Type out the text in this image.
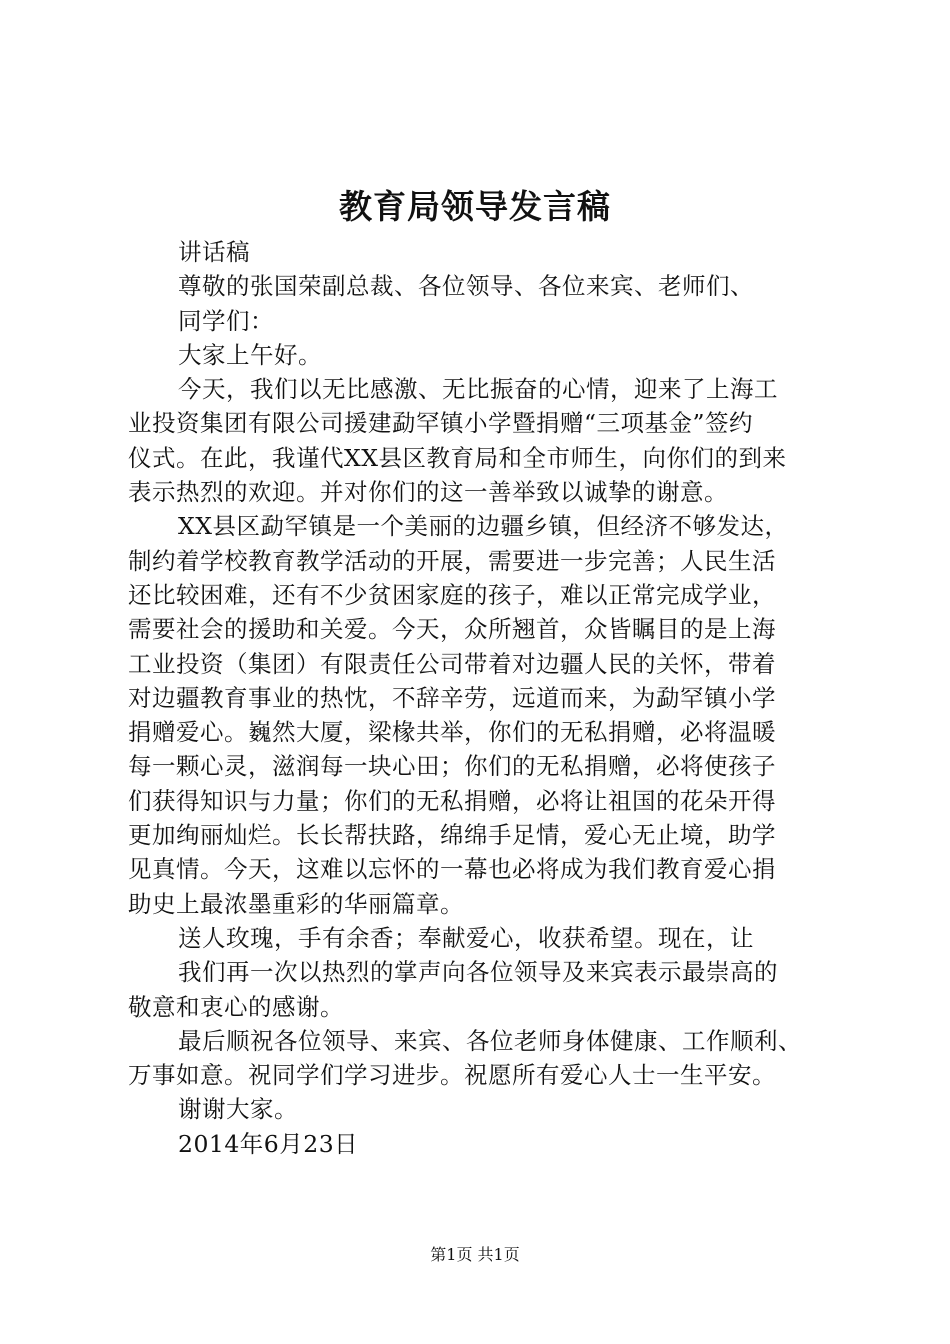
教育局领导发言稿
讲话稿
尊敬的张国荣副总裁、各位领导、各位来宾、老师们、
同学们：
大家上午好。
今天，我们以无比感激、无比振奋的心情，迎来了上海工
业投资集团有限公司援建勐罕镇小学暨捐赠“三项基金”签约
仪式。在此，我谨代XX县区教育局和全市师生，向你们的到来
表示热烈的欢迎。并对你们的这一善举致以诚挚的谢意。
XX县区勐罕镇是一个美丽的边疆乡镇，但经济不够发达，
制约着学校教育教学活动的开展，需要进一步完善；人民生活
还比较困难，还有不少贫困家庭的孩子，难以正常完成学业，
需要社会的援助和关爱。今天，众所翘首，众皆瞩目的是上海
工业投资（集团）有限责任公司带着对边疆人民的关怀，带着
对边疆教育事业的热忱，不辞辛劳，远道而来，为勐罕镇小学
捐赠爱心。巍然大厦，梁椽共举，你们的无私捐赠，必将温暖
每一颗心灵，滋润每一块心田；你们的无私捐赠，必将使孩子
们获得知识与力量；你们的无私捐赠，必将让祖国的花朵开得
更加绚丽灿烂。长长帮扶路，绵绵手足情，爱心无止境，助学
见真情。今天，这难以忘怀的一幕也必将成为我们教育爱心捐
助史上最浓墨重彩的华丽篇章。
送人玫瑰，手有余香；奉献爱心，收获希望。现在，让
我们再一次以热烈的掌声向各位领导及来宾表示最崇高的
敬意和衷心的感谢。
最后顺祝各位领导、来宾、各位老师身体健康、工作顺利、
万事如意。祝同学们学习进步。祝愿所有爱心人士一生平安。
谢谢大家。
2014年6月23日
第1页 共1页
